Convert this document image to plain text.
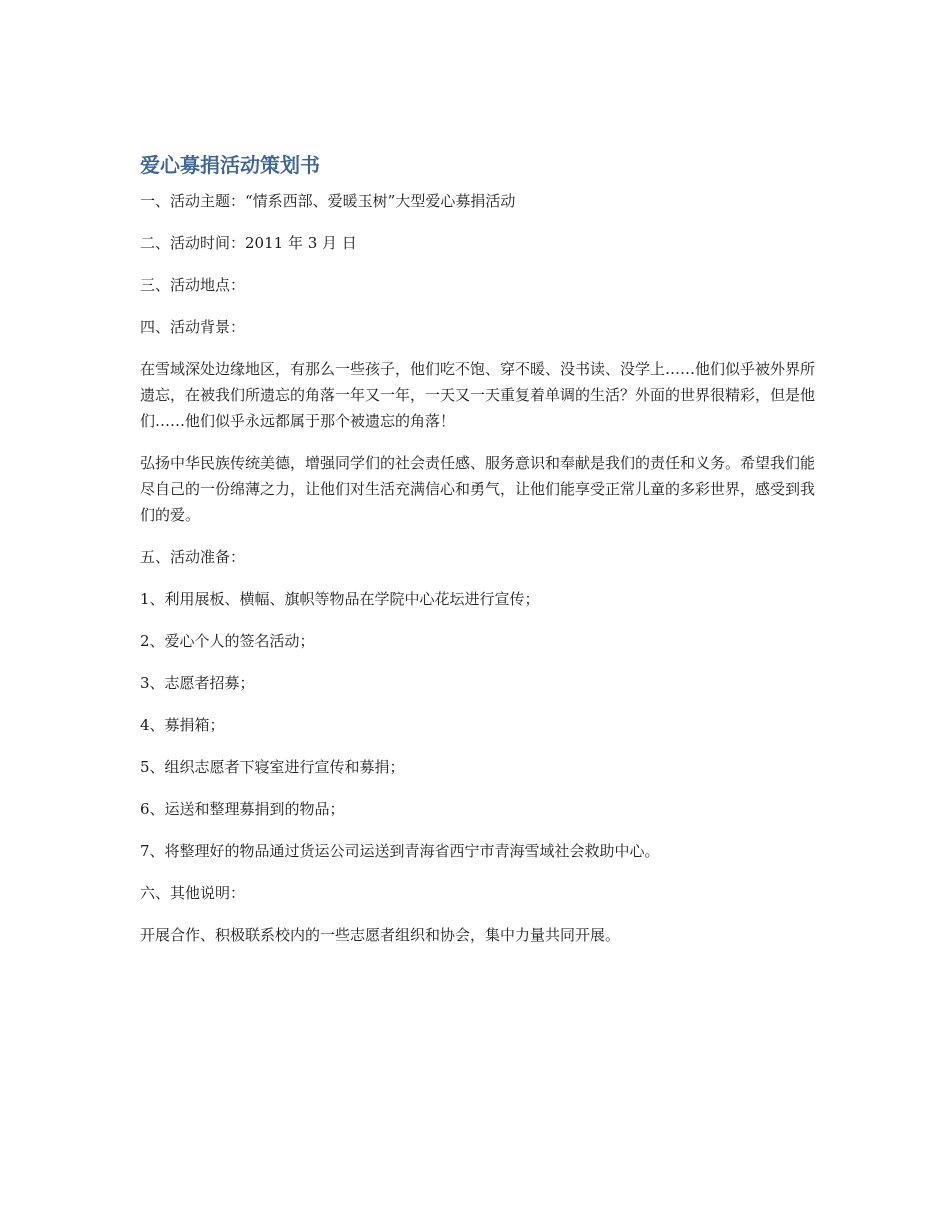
爱心募捐活动策划书

一、活动主题：“情系西部、爱暖玉树”大型爱心募捐活动

二、活动时间：2011 年 3 月 日

三、活动地点：

四、活动背景：

在雪域深处边缘地区，有那么一些孩子，他们吃不饱、穿不暖、没书读、没学上……他们似乎被外界所遗忘，在被我们所遗忘的角落一年又一年，一天又一天重复着单调的生活？外面的世界很精彩，但是他们……他们似乎永远都属于那个被遗忘的角落！

弘扬中华民族传统美德，增强同学们的社会责任感、服务意识和奉献是我们的责任和义务。希望我们能尽自己的一份绵薄之力，让他们对生活充满信心和勇气，让他们能享受正常儿童的多彩世界，感受到我们的爱。

五、活动准备：

1、利用展板、横幅、旗帜等物品在学院中心花坛进行宣传；

2、爱心个人的签名活动；

3、志愿者招募；

4、募捐箱；

5、组织志愿者下寝室进行宣传和募捐；

6、运送和整理募捐到的物品；

7、将整理好的物品通过货运公司运送到青海省西宁市青海雪域社会救助中心。

六、其他说明：

开展合作、积极联系校内的一些志愿者组织和协会，集中力量共同开展。
